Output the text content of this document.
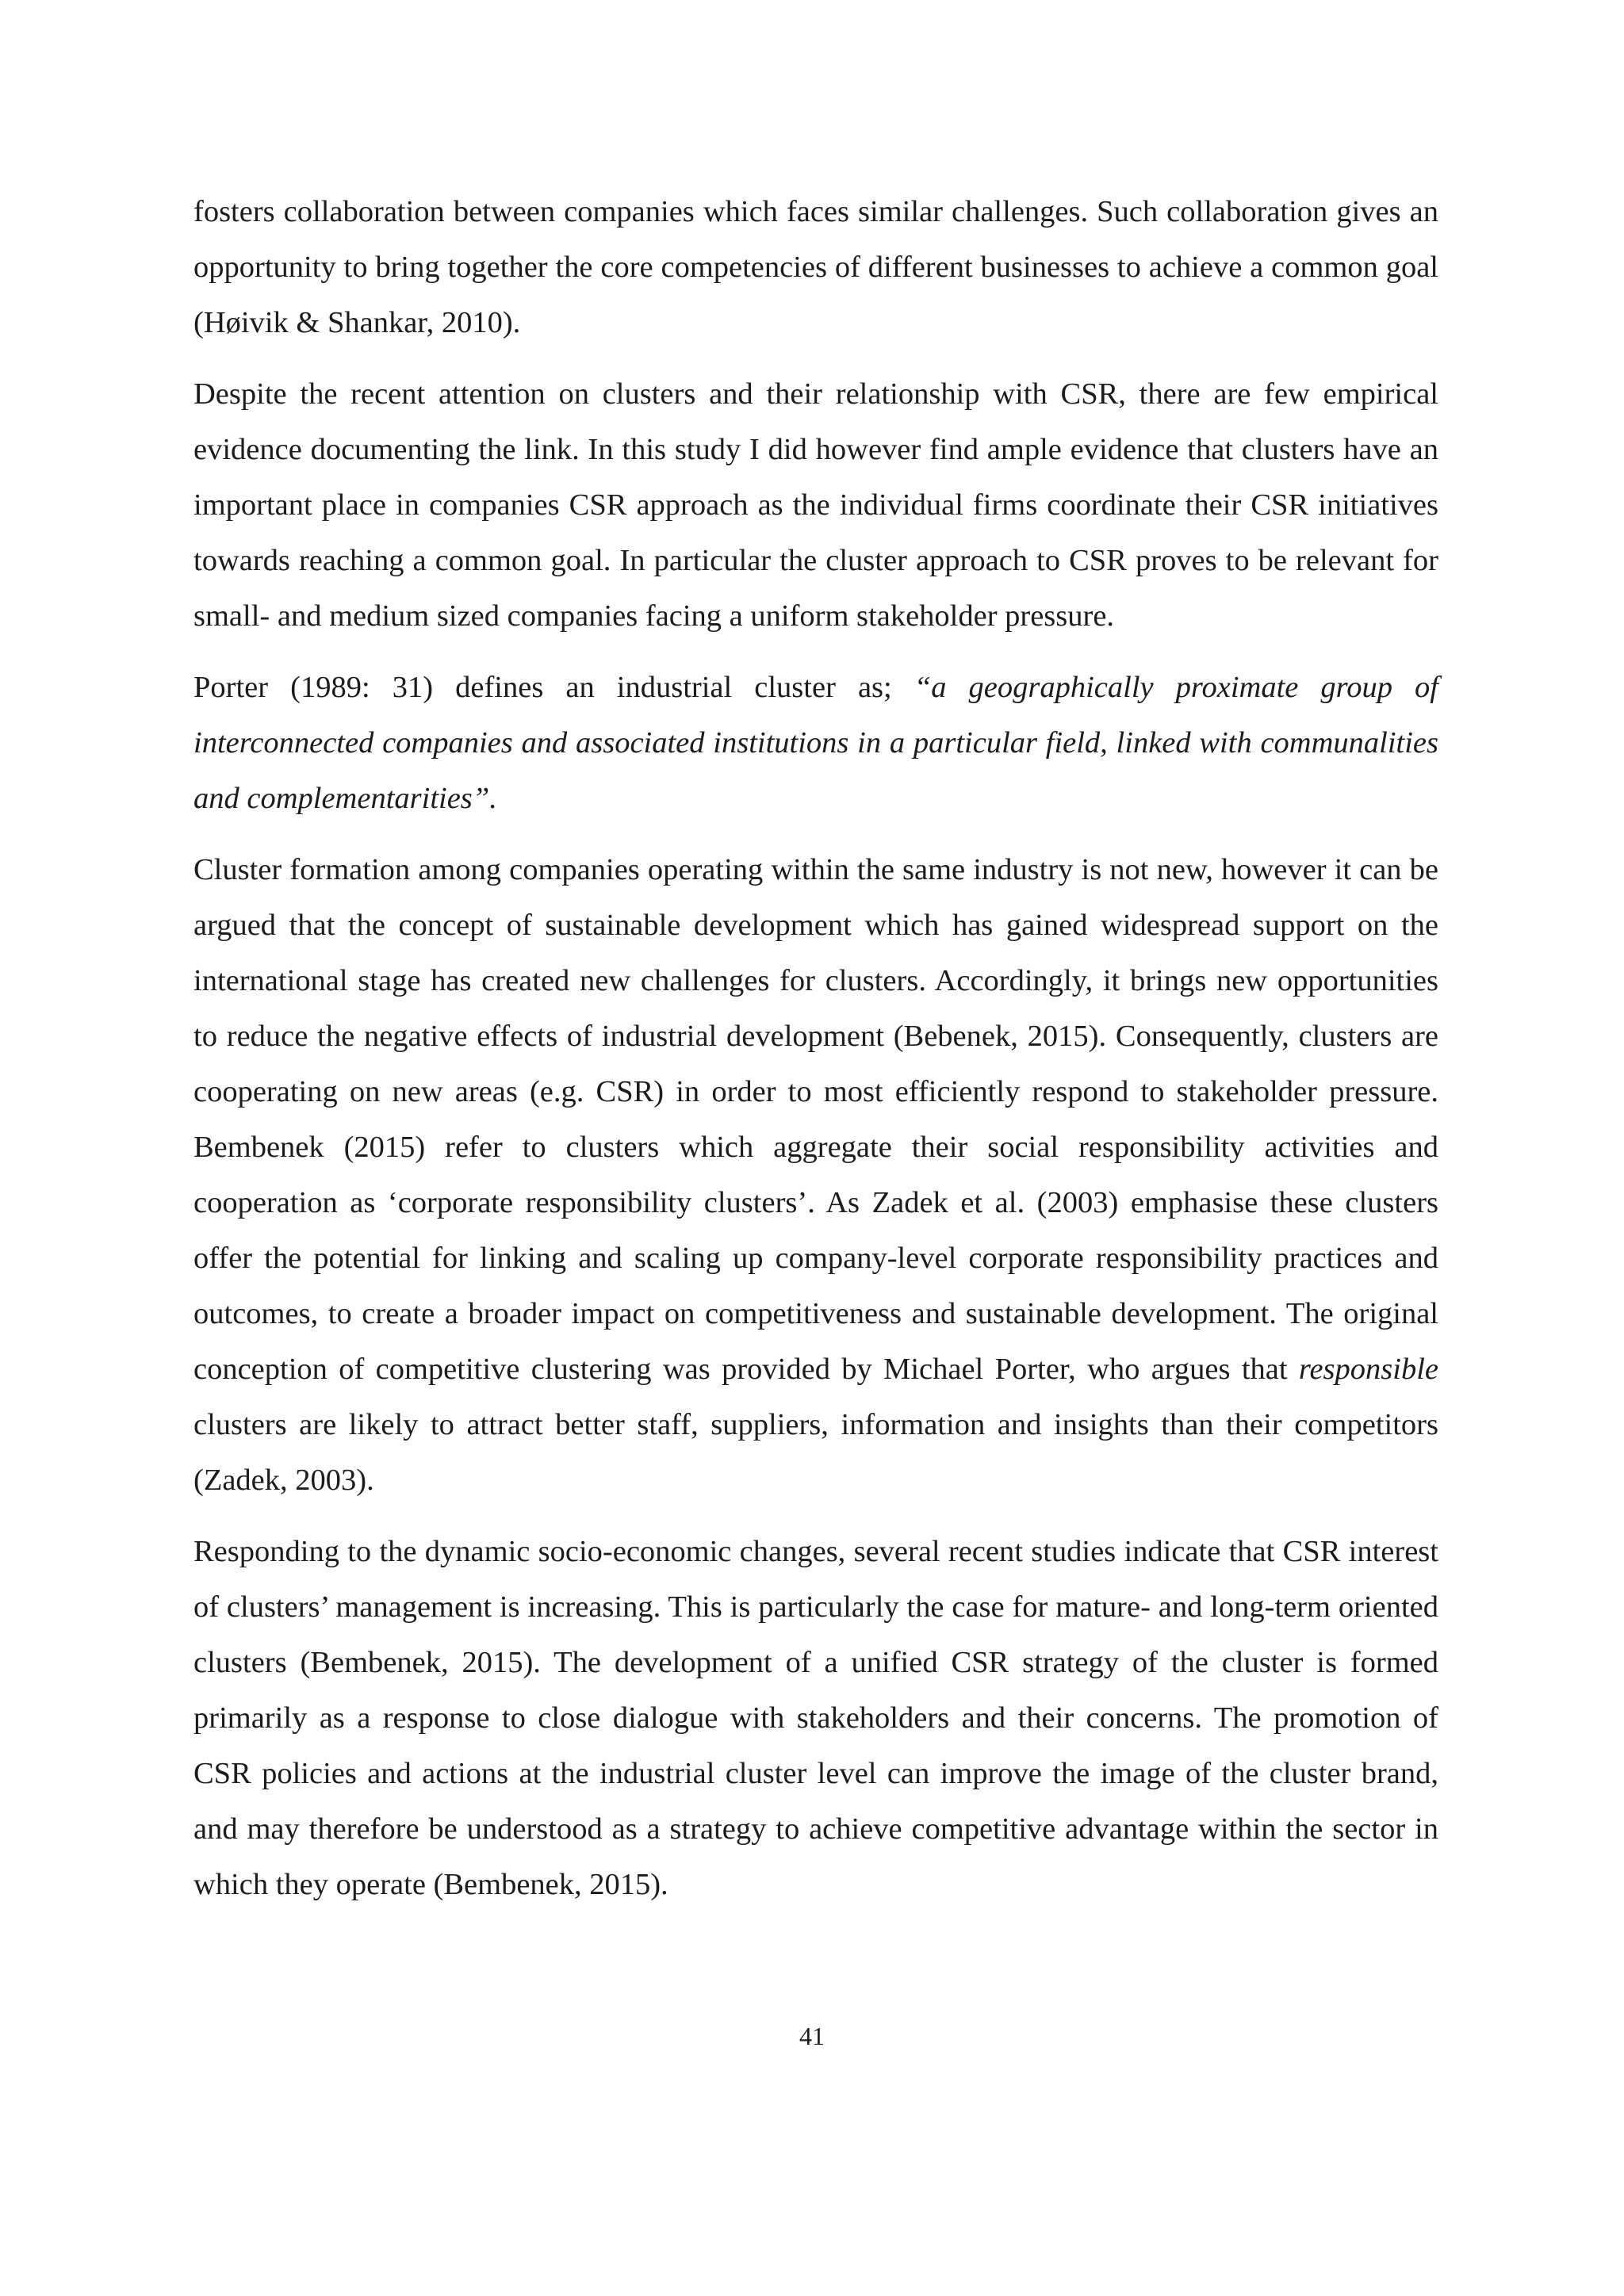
fosters collaboration between companies which faces similar challenges. Such collaboration gives an opportunity to bring together the core competencies of different businesses to achieve a common goal (Høivik & Shankar, 2010).

Despite the recent attention on clusters and their relationship with CSR, there are few empirical evidence documenting the link. In this study I did however find ample evidence that clusters have an important place in companies CSR approach as the individual firms coordinate their CSR initiatives towards reaching a common goal. In particular the cluster approach to CSR proves to be relevant for small- and medium sized companies facing a uniform stakeholder pressure.

Porter (1989: 31) defines an industrial cluster as; “a geographically proximate group of interconnected companies and associated institutions in a particular field, linked with communalities and complementarities”.

Cluster formation among companies operating within the same industry is not new, however it can be argued that the concept of sustainable development which has gained widespread support on the international stage has created new challenges for clusters. Accordingly, it brings new opportunities to reduce the negative effects of industrial development (Bebenek, 2015). Consequently, clusters are cooperating on new areas (e.g. CSR) in order to most efficiently respond to stakeholder pressure. Bembenek (2015) refer to clusters which aggregate their social responsibility activities and cooperation as ‘corporate responsibility clusters’. As Zadek et al. (2003) emphasise these clusters offer the potential for linking and scaling up company-level corporate responsibility practices and outcomes, to create a broader impact on competitiveness and sustainable development. The original conception of competitive clustering was provided by Michael Porter, who argues that responsible clusters are likely to attract better staff, suppliers, information and insights than their competitors (Zadek, 2003).

Responding to the dynamic socio-economic changes, several recent studies indicate that CSR interest of clusters’ management is increasing. This is particularly the case for mature- and long-term oriented clusters (Bembenek, 2015). The development of a unified CSR strategy of the cluster is formed primarily as a response to close dialogue with stakeholders and their concerns. The promotion of CSR policies and actions at the industrial cluster level can improve the image of the cluster brand, and may therefore be understood as a strategy to achieve competitive advantage within the sector in which they operate (Bembenek, 2015).

41
